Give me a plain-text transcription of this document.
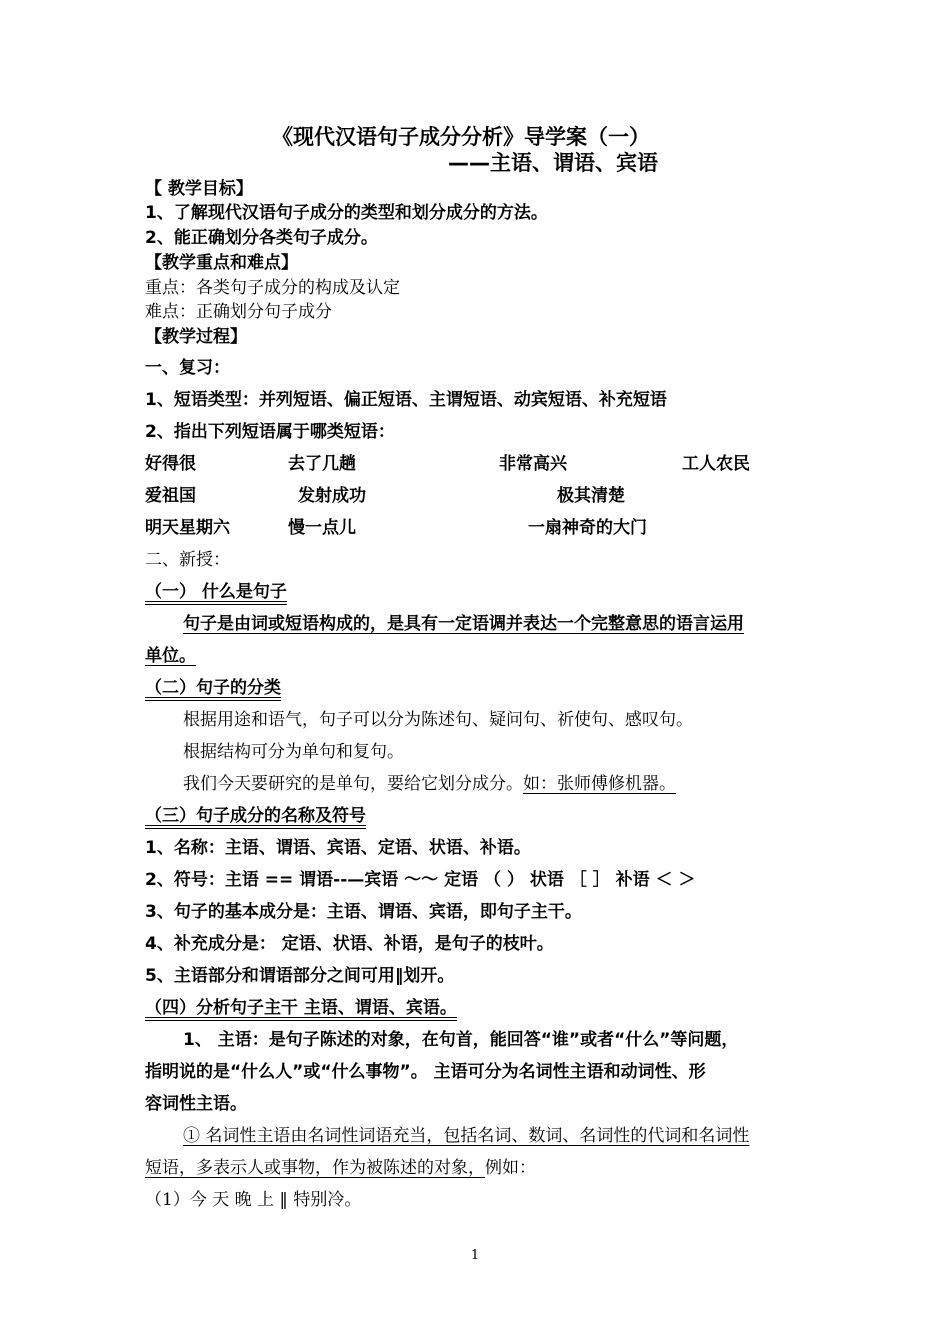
《现代汉语句子成分分析》导学案（一）
——主语、谓语、宾语
【 教学目标】
1、了解现代汉语句子成分的类型和划分成分的方法。
2、能正确划分各类句子成分。
【教学重点和难点】
重点：各类句子成分的构成及认定
难点：正确划分句子成分
【教学过程】
一、复习：
1、短语类型：并列短语、偏正短语、主谓短语、动宾短语、补充短语
2、指出下列短语属于哪类短语：
好得很	去了几趟	非常高兴	工人农民
爱祖国	发射成功	极其清楚
明天星期六	慢一点儿	一扇神奇的大门
二、新授：
（一） 什么是句子
句子是由词或短语构成的，是具有一定语调并表达一个完整意思的语言运用
单位。
（二）句子的分类
根据用途和语气，句子可以分为陈述句、疑问句、祈使句、感叹句。
根据结构可分为单句和复句。
我们今天要研究的是单句，要给它划分成分。如：张师傅修机器。
（三）句子成分的名称及符号
1、名称：主语、谓语、宾语、定语、状语、补语。
2、符号：主语 == 谓语--—宾语 ～～ 定语 （ ） 状语 ［ ］ 补语 ＜ ＞
3、句子的基本成分是：主语、谓语、宾语，即句子主干。
4、补充成分是： 定语、状语、补语，是句子的枝叶。
5、主语部分和谓语部分之间可用‖划开。
（四）分析句子主干 主语、谓语、宾语。
1、 主语：是句子陈述的对象，在句首，能回答“谁”或者“什么”等问题，
指明说的是“什么人”或“什么事物”。 主语可分为名词性主语和动词性、形
容词性主语。
① 名词性主语由名词性词语充当，包括名词、数词、名词性的代词和名词性
短语，多表示人或事物，作为被陈述的对象，例如：
（1）今 天 晚 上 ‖ 特别冷。
1
